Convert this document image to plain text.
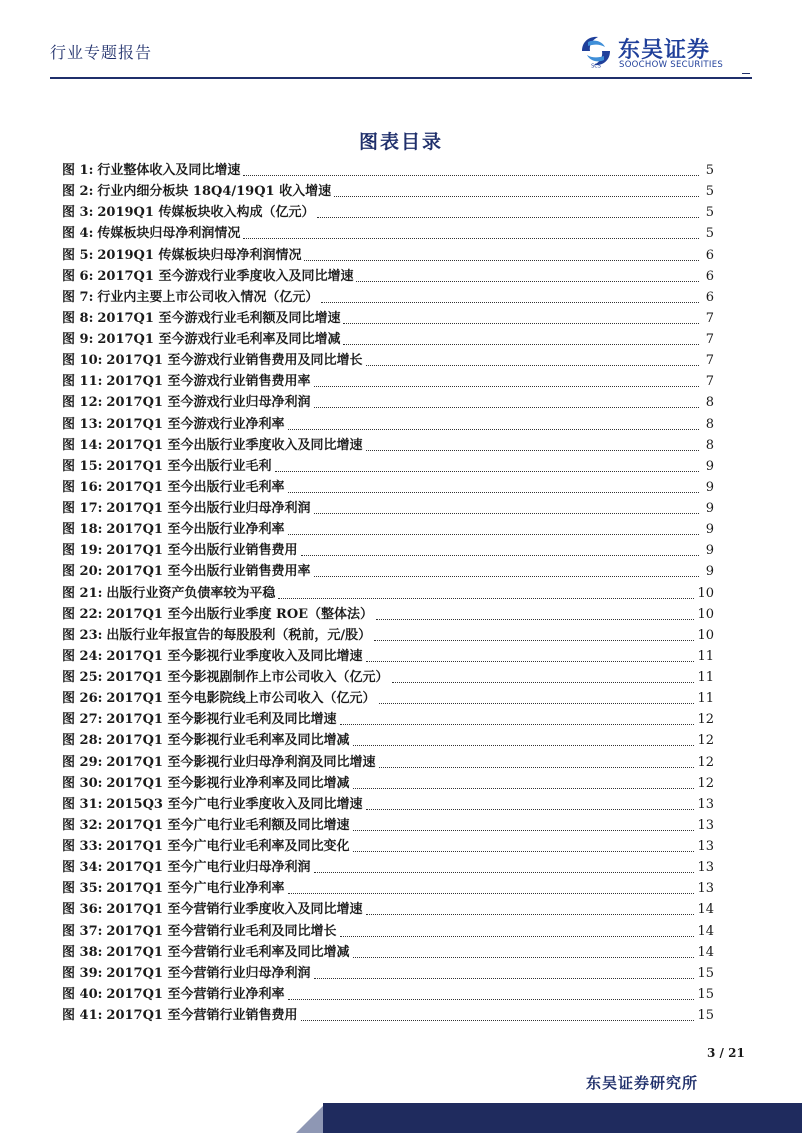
行业专题报告
SCS
东吴证券
SOOCHOW SECURITIES
图表目录
图 1: 行业整体收入及同比增速	5
图 2: 行业内细分板块 18Q4/19Q1 收入增速	5
图 3: 2019Q1 传媒板块收入构成（亿元）	5
图 4: 传媒板块归母净利润情况	5
图 5: 2019Q1 传媒板块归母净利润情况	6
图 6: 2017Q1 至今游戏行业季度收入及同比增速	6
图 7: 行业内主要上市公司收入情况（亿元）	6
图 8: 2017Q1 至今游戏行业毛利额及同比增速	7
图 9: 2017Q1 至今游戏行业毛利率及同比增减	7
图 10: 2017Q1 至今游戏行业销售费用及同比增长	7
图 11: 2017Q1 至今游戏行业销售费用率	7
图 12: 2017Q1 至今游戏行业归母净利润	8
图 13: 2017Q1 至今游戏行业净利率	8
图 14: 2017Q1 至今出版行业季度收入及同比增速	8
图 15: 2017Q1 至今出版行业毛利	9
图 16: 2017Q1 至今出版行业毛利率	9
图 17: 2017Q1 至今出版行业归母净利润	9
图 18: 2017Q1 至今出版行业净利率	9
图 19: 2017Q1 至今出版行业销售费用	9
图 20: 2017Q1 至今出版行业销售费用率	9
图 21: 出版行业资产负债率较为平稳	10
图 22: 2017Q1 至今出版行业季度 ROE（整体法）	10
图 23: 出版行业年报宣告的每股股利（税前，元/股）	10
图 24: 2017Q1 至今影视行业季度收入及同比增速	11
图 25: 2017Q1 至今影视剧制作上市公司收入（亿元）	11
图 26: 2017Q1 至今电影院线上市公司收入（亿元）	11
图 27: 2017Q1 至今影视行业毛利及同比增速	12
图 28: 2017Q1 至今影视行业毛利率及同比增减	12
图 29: 2017Q1 至今影视行业归母净利润及同比增速	12
图 30: 2017Q1 至今影视行业净利率及同比增减	12
图 31: 2015Q3 至今广电行业季度收入及同比增速	13
图 32: 2017Q1 至今广电行业毛利额及同比增速	13
图 33: 2017Q1 至今广电行业毛利率及同比变化	13
图 34: 2017Q1 至今广电行业归母净利润	13
图 35: 2017Q1 至今广电行业净利率	13
图 36: 2017Q1 至今营销行业季度收入及同比增速	14
图 37: 2017Q1 至今营销行业毛利及同比增长	14
图 38: 2017Q1 至今营销行业毛利率及同比增减	14
图 39: 2017Q1 至今营销行业归母净利润	15
图 40: 2017Q1 至今营销行业净利率	15
图 41: 2017Q1 至今营销行业销售费用	15
3 / 21
东吴证券研究所
